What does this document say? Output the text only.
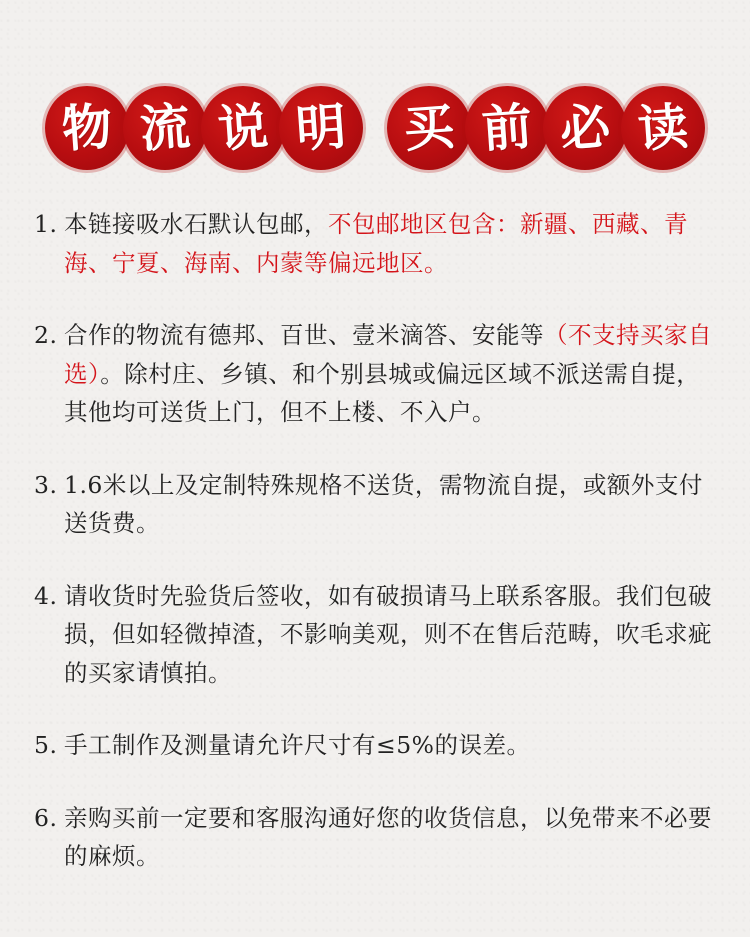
物 流 说 明 买 前 必 读
1. 本链接吸水石默认包邮，不包邮地区包含：新疆、西藏、青海、宁夏、海南、内蒙等偏远地区。
2. 合作的物流有德邦、百世、壹米滴答、安能等（不支持买家自选）。除村庄、乡镇、和个别县城或偏远区域不派送需自提，其他均可送货上门，但不上楼、不入户。
3. 1.6米以上及定制特殊规格不送货，需物流自提，或额外支付送货费。
4. 请收货时先验货后签收，如有破损请马上联系客服。我们包破损，但如轻微掉渣，不影响美观，则不在售后范畴，吹毛求疵的买家请慎拍。
5. 手工制作及测量请允许尺寸有≤5%的误差。
6. 亲购买前一定要和客服沟通好您的收货信息，以免带来不必要的麻烦。
